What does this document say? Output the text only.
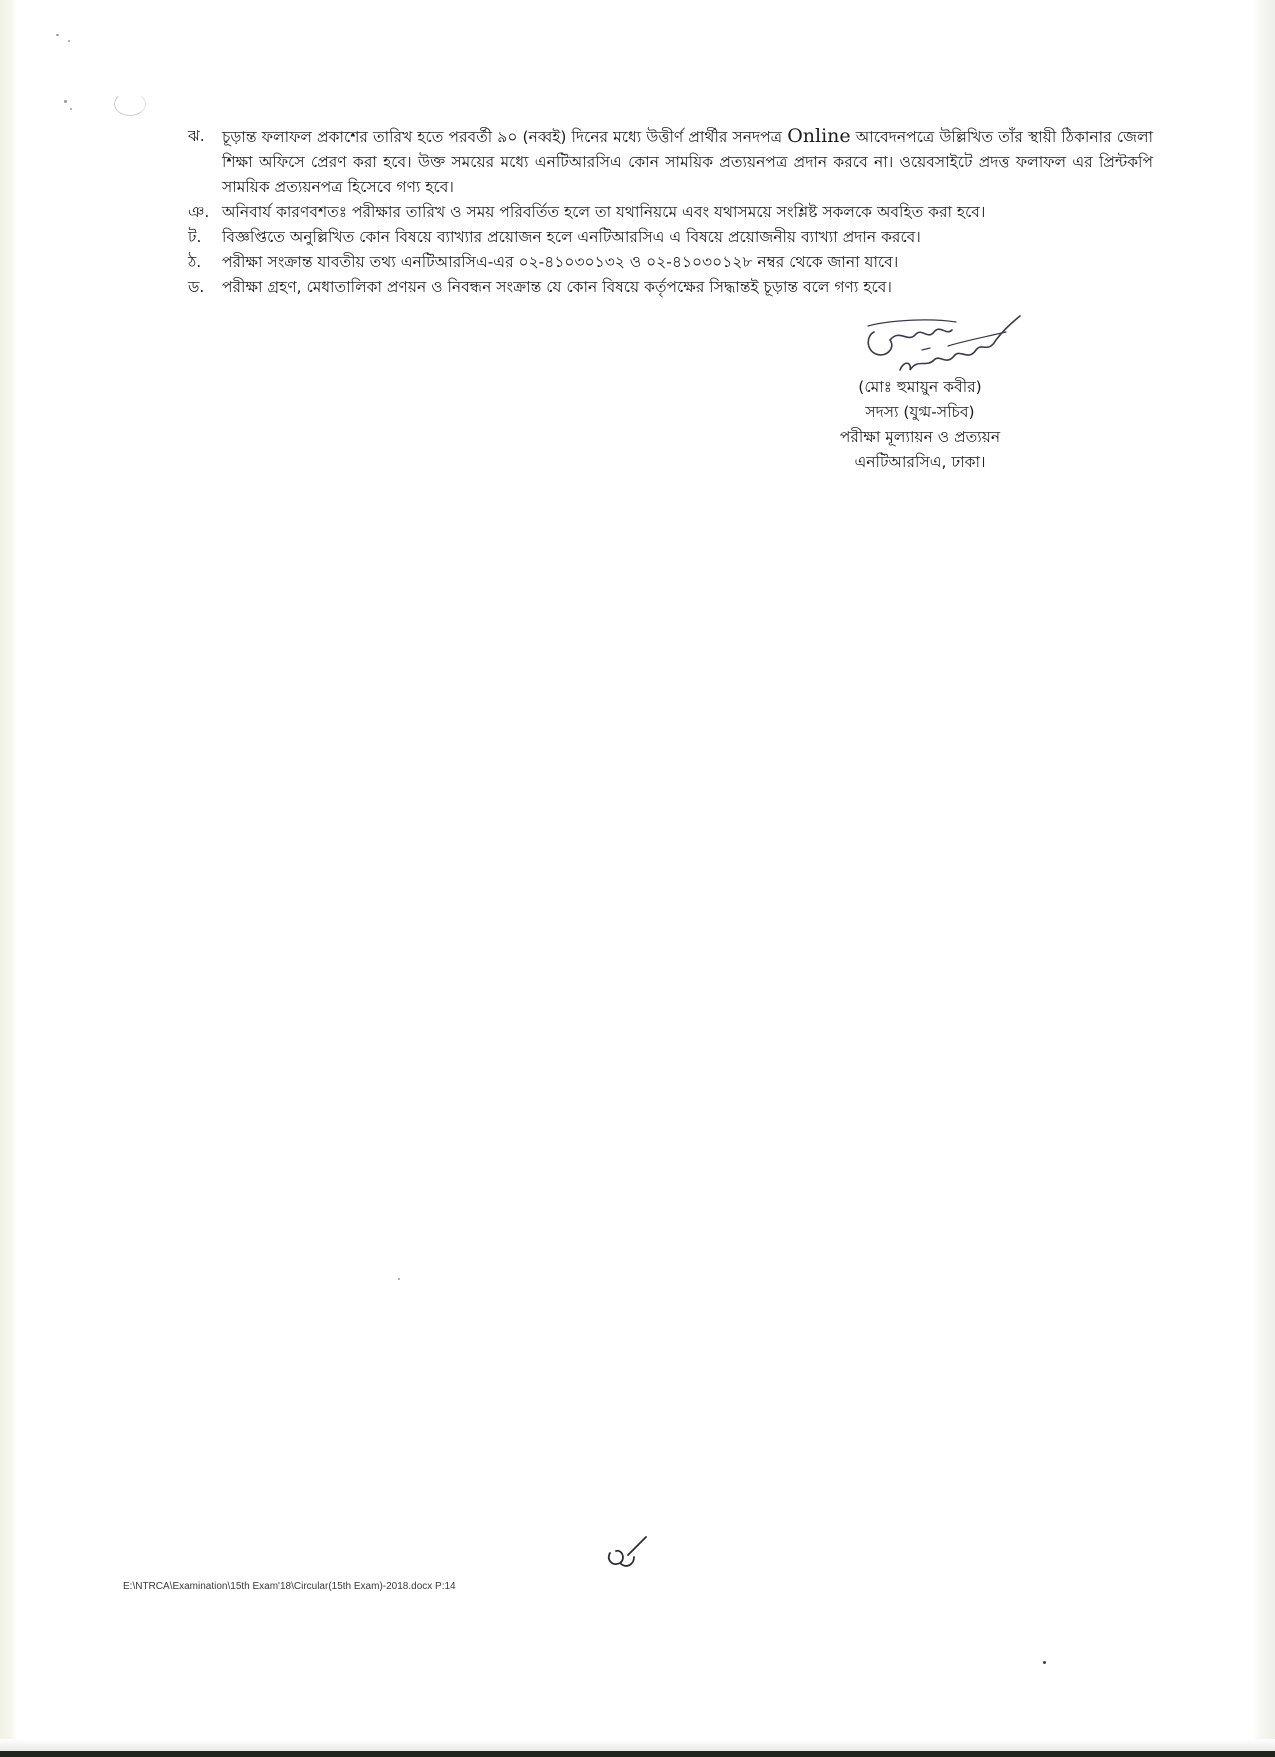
ঝ.	চূড়ান্ত ফলাফল প্রকাশের তারিখ হতে পরবর্তী ৯০ (নব্বই) দিনের মধ্যে উত্তীর্ণ প্রার্থীর সনদপত্র Online আবেদনপত্রে উল্লিখিত তাঁর স্থায়ী ঠিকানার জেলা শিক্ষা অফিসে প্রেরণ করা হবে। উক্ত সময়ের মধ্যে এনটিআরসিএ কোন সাময়িক প্রত্যয়নপত্র প্রদান করবে না। ওয়েবসাইটে প্রদত্ত ফলাফল এর প্রিন্টকপি সাময়িক প্রত্যয়নপত্র হিসেবে গণ্য হবে।
ঞ. অনিবার্য কারণবশতঃ পরীক্ষার তারিখ ও সময় পরিবর্তিত হলে তা যথানিয়মে এবং যথাসময়ে সংশ্লিষ্ট সকলকে অবহিত করা হবে।
ট.	বিজ্ঞপ্তিতে অনুল্লিখিত কোন বিষয়ে ব্যাখ্যার প্রয়োজন হলে এনটিআরসিএ এ বিষয়ে প্রয়োজনীয় ব্যাখ্যা প্রদান করবে।
ঠ.	পরীক্ষা সংক্রান্ত যাবতীয় তথ্য এনটিআরসিএ-এর ০২-৪১০৩০১৩২ ও ০২-৪১০৩০১২৮ নম্বর থেকে জানা যাবে।
ড.	পরীক্ষা গ্রহণ, মেধাতালিকা প্রণয়ন ও নিবন্ধন সংক্রান্ত যে কোন বিষয়ে কর্তৃপক্ষের সিদ্ধান্তই চূড়ান্ত বলে গণ্য হবে।
(মোঃ হুমায়ুন কবীর)
সদস্য (যুগ্ম-সচিব)
পরীক্ষা মূল্যায়ন ও প্রত্যয়ন
এনটিআরসিএ, ঢাকা।
E:\NTRCA\Examination\15th Exam'18\Circular(15th Exam)-2018.docx P:14
